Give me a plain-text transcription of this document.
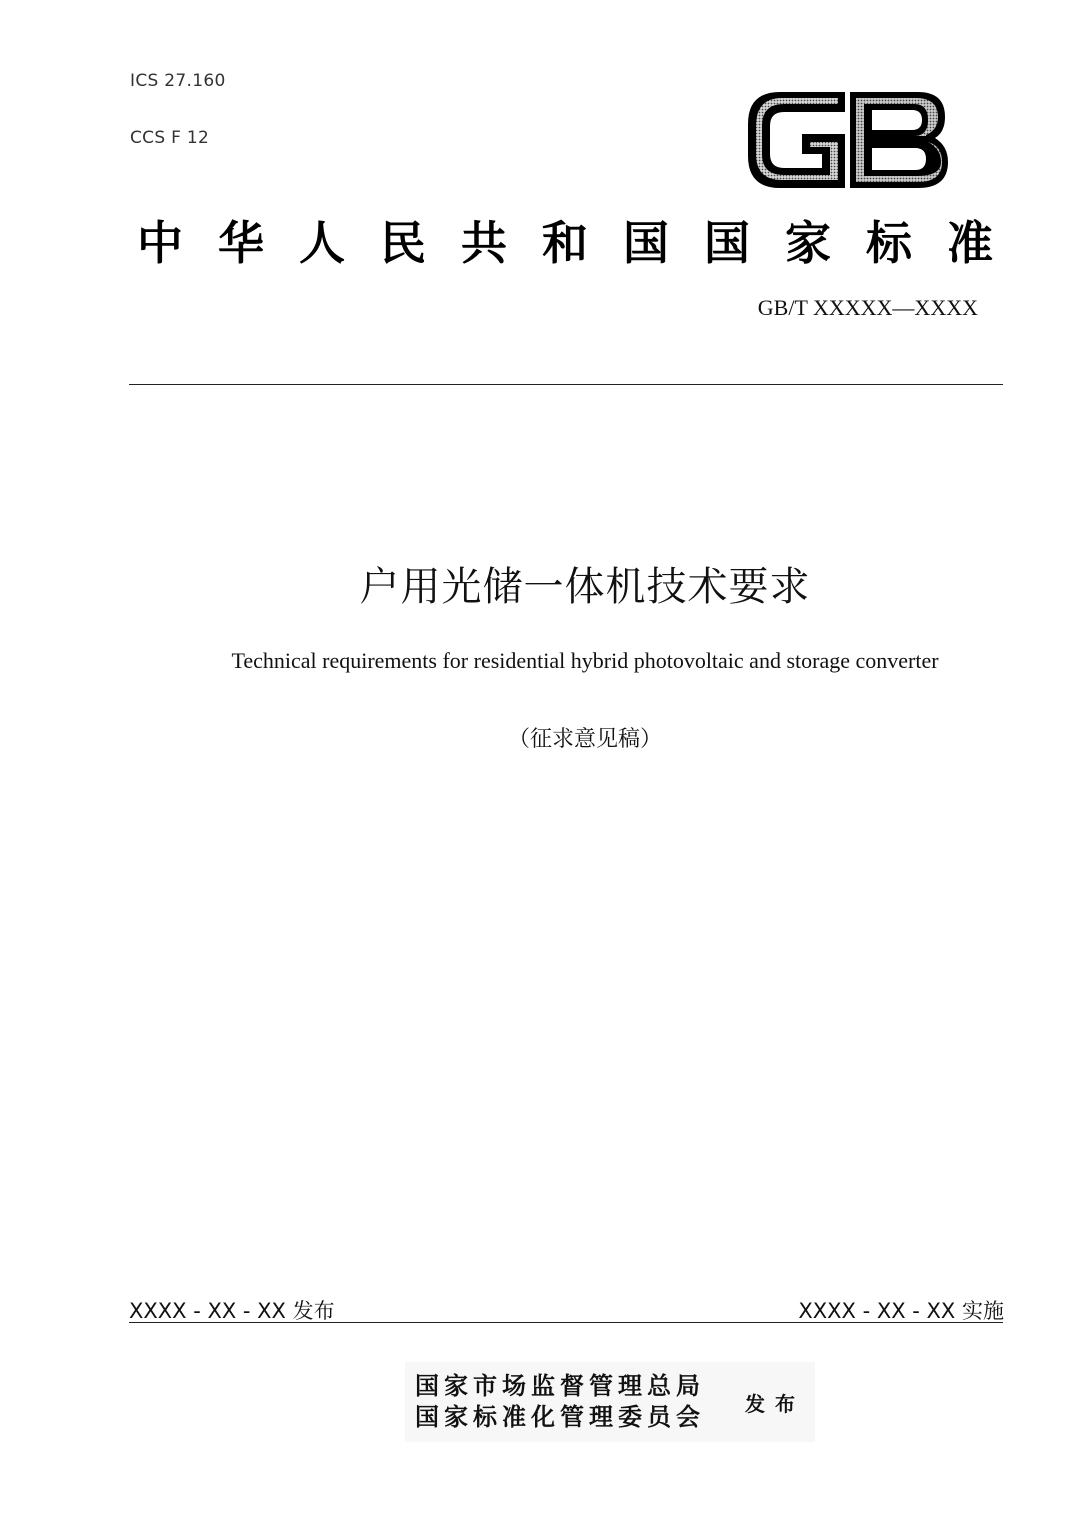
ICS 27.160
CCS F 12
中 华 人 民 共 和 国 国 家 标 准
GB/T XXXXX—XXXX
户用光储一体机技术要求
Technical requirements for residential hybrid photovoltaic and storage converter
（征求意见稿）
XXXX - XX - XX 发布	XXXX - XX - XX 实施
国家市场监督管理总局
国家标准化管理委员会 发布
